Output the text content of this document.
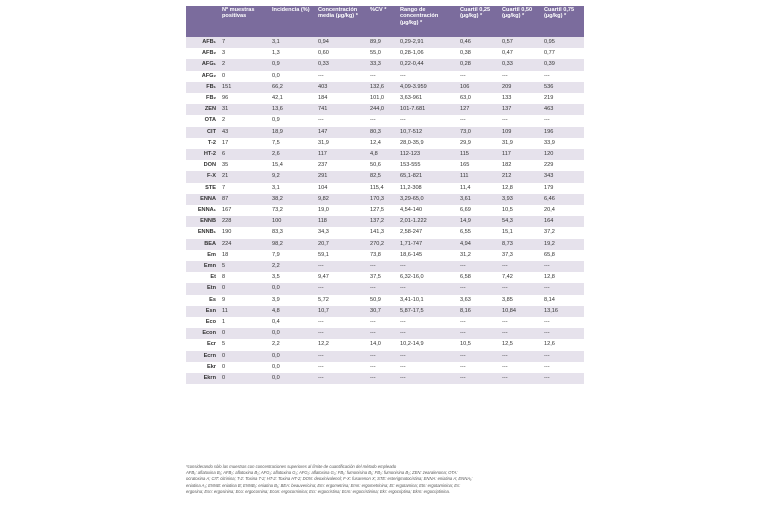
	Nº muestras positivas	Incidencia (%)	Concentración media (µg/kg) *	%CV *	Rango de concentración (µg/kg) *	Cuartil 0,25 (µg/kg) *	Cuartil 0,50 (µg/kg) *	Cuartil 0,75 (µg/kg) *
AFB₁	7	3,1	0,94	89,9	0,29-2,91	0,46	0,57	0,95
AFB₂	3	1,3	0,60	55,0	0,28-1,06	0,38	0,47	0,77
AFG₁	2	0,9	0,33	33,3	0,22-0,44	0,28	0,33	0,39
AFG₂	0	0,0	---	---	---	---	---	---
FB₁	151	66,2	403	132,6	4,09-3.959	106	209	536
FB₂	96	42,1	184	101,0	3,63-961	63,0	133	219
ZEN	31	13,6	741	244,0	101-7.681	127	137	463
OTA	2	0,9	---	---	---	---	---	---
CIT	43	18,9	147	80,3	10,7-512	73,0	109	196
T-2	17	7,5	31,9	12,4	28,0-35,9	29,9	31,9	33,9
HT-2	6	2,6	117	4,8	112-123	115	117	120
DON	35	15,4	237	50,6	153-555	165	182	229
F-X	21	9,2	291	82,5	65,1-821	111	212	343
STE	7	3,1	104	115,4	11,2-308	11,4	12,8	179
ENNA	87	38,2	9,82	170,3	3,29-65,0	3,61	3,93	6,46
ENNA₁	167	73,2	19,0	127,5	4,54-140	6,69	10,5	20,4
ENNB	228	100	118	137,2	2,01-1.222	14,9	54,3	164
ENNB₁	190	83,3	34,3	141,3	2,58-247	6,55	15,1	37,2
BEA	224	98,2	20,7	270,2	1,71-747	4,94	8,73	19,2
Em	18	7,9	59,1	73,8	18,6-145	31,2	37,3	65,8
Emn	5	2,2	---	---	---	---	---	---
Et	8	3,5	9,47	37,5	6,32-16,0	6,58	7,42	12,8
Etn	0	0,0	---	---	---	---	---	---
Es	9	3,9	5,72	50,9	3,41-10,1	3,63	3,85	8,14
Esn	11	4,8	10,7	30,7	5,87-17,5	8,16	10,84	13,16
Eco	1	0,4	---	---	---	---	---	---
Econ	0	0,0	---	---	---	---	---	---
Ecr	5	2,2	12,2	14,0	10,2-14,9	10,5	12,5	12,6
Ecrn	0	0,0	---	---	---	---	---	---
Ekr	0	0,0	---	---	---	---	---	---
Ekrn	0	0,0	---	---	---	---	---	---

*considerando sólo las muestras con concentraciones superiores al límite de cuantificación del método empleado

AFB₁: aflatoxina B₁; AFB₂: aflatoxina B₂; AFG₁: aflatoxina G₁; AFG₂: aflatoxina G₂; FB₁: fumonisina B₁; FB₂: fumonisina B₂; ZEN: zearalenona; OTA:

ocratoxina A; CIT: citrinina; T-2: Toxina T-2; HT-2: Toxina HT-2; DON: deoxinivalenol; F-X: fusarenon X; STE: esterigmatocistina; ENNA: eniatina A; ENNA₁:

eniatina A₁; ENNB: eniatina B; ENNB₁: eniatina B₁; BEA: beauvericina; Em: ergometrina; Emn: ergometrinina; Et: ergotamina; Etn: ergotaminina; Es:

ergosina; Esn: ergosinina; Eco: ergocornina; Econ: ergocorninina; Ecr: ergocristina; Ecrn: ergocristinina; Ekr: ergocriptina; Ekrn: ergocriptinina.
